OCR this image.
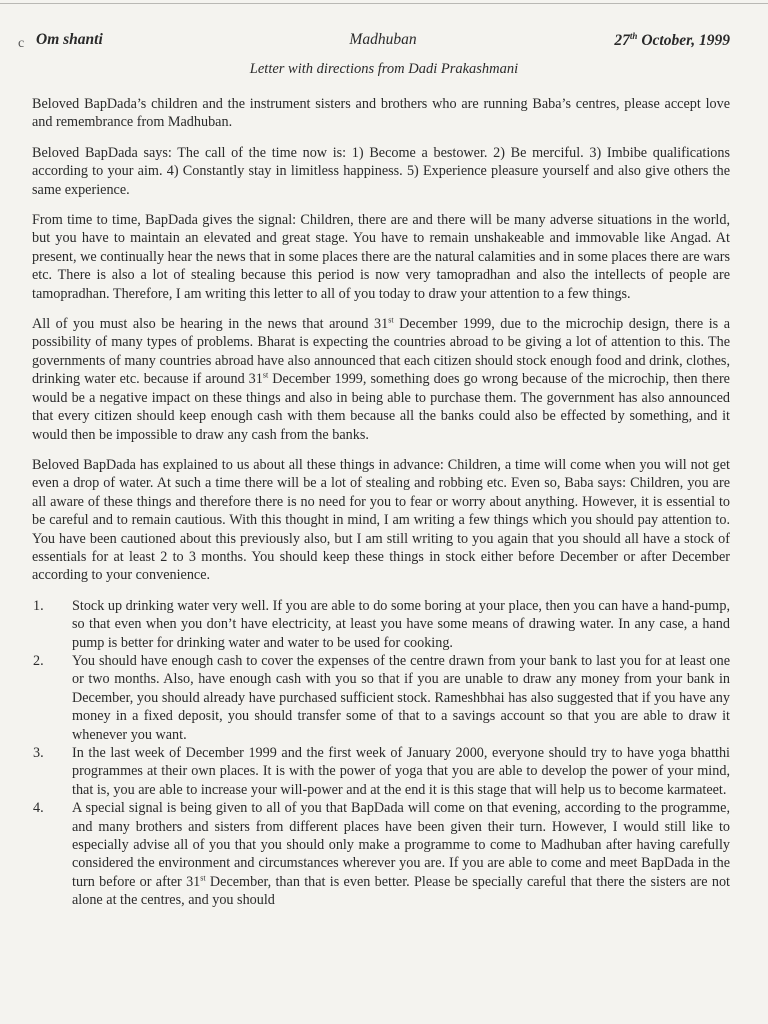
c Om shanti	Madhuban	27th October, 1999
Letter with directions from Dadi Prakashmani

Beloved BapDada’s children and the instrument sisters and brothers who are running Baba’s centres, please accept love and remembrance from Madhuban.

Beloved BapDada says: The call of the time now is: 1) Become a bestower. 2) Be merciful. 3) Imbibe qualifications according to your aim. 4) Constantly stay in limitless happiness. 5) Experience pleasure yourself and also give others the same experience.

From time to time, BapDada gives the signal: Children, there are and there will be many adverse situations in the world, but you have to maintain an elevated and great stage. You have to remain unshakeable and immovable like Angad. At present, we continually hear the news that in some places there are the natural calamities and in some places there are wars etc. There is also a lot of stealing because this period is now very tamopradhan and also the intellects of people are tamopradhan. Therefore, I am writing this letter to all of you today to draw your attention to a few things.

All of you must also be hearing in the news that around 31st December 1999, due to the microchip design, there is a possibility of many types of problems. Bharat is expecting the countries abroad to be giving a lot of attention to this. The governments of many countries abroad have also announced that each citizen should stock enough food and drink, clothes, drinking water etc. because if around 31st December 1999, something does go wrong because of the microchip, then there would be a negative impact on these things and also in being able to purchase them. The government has also announced that every citizen should keep enough cash with them because all the banks could also be effected by something, and it would then be impossible to draw any cash from the banks.

Beloved BapDada has explained to us about all these things in advance: Children, a time will come when you will not get even a drop of water. At such a time there will be a lot of stealing and robbing etc. Even so, Baba says: Children, you are all aware of these things and therefore there is no need for you to fear or worry about anything. However, it is essential to be careful and to remain cautious. With this thought in mind, I am writing a few things which you should pay attention to. You have been cautioned about this previously also, but I am still writing to you again that you should all have a stock of essentials for at least 2 to 3 months. You should keep these things in stock either before December or after December according to your convenience.

1. Stock up drinking water very well. If you are able to do some boring at your place, then you can have a hand-pump, so that even when you don’t have electricity, at least you have some means of drawing water. In any case, a hand pump is better for drinking water and water to be used for cooking.
2. You should have enough cash to cover the expenses of the centre drawn from your bank to last you for at least one or two months. Also, have enough cash with you so that if you are unable to draw any money from your bank in December, you should already have purchased sufficient stock. Rameshbhai has also suggested that if you have any money in a fixed deposit, you should transfer some of that to a savings account so that you are able to draw it whenever you want.
3. In the last week of December 1999 and the first week of January 2000, everyone should try to have yoga bhatthi programmes at their own places. It is with the power of yoga that you are able to develop the power of your mind, that is, you are able to increase your will-power and at the end it is this stage that will help us to become karmateet.
4. A special signal is being given to all of you that BapDada will come on that evening, according to the programme, and many brothers and sisters from different places have been given their turn. However, I would still like to especially advise all of you that you should only make a programme to come to Madhuban after having carefully considered the environment and circumstances wherever you are. If you are able to come and meet BapDada in the turn before or after 31st December, than that is even better. Please be specially careful that there the sisters are not alone at the centres, and you should
